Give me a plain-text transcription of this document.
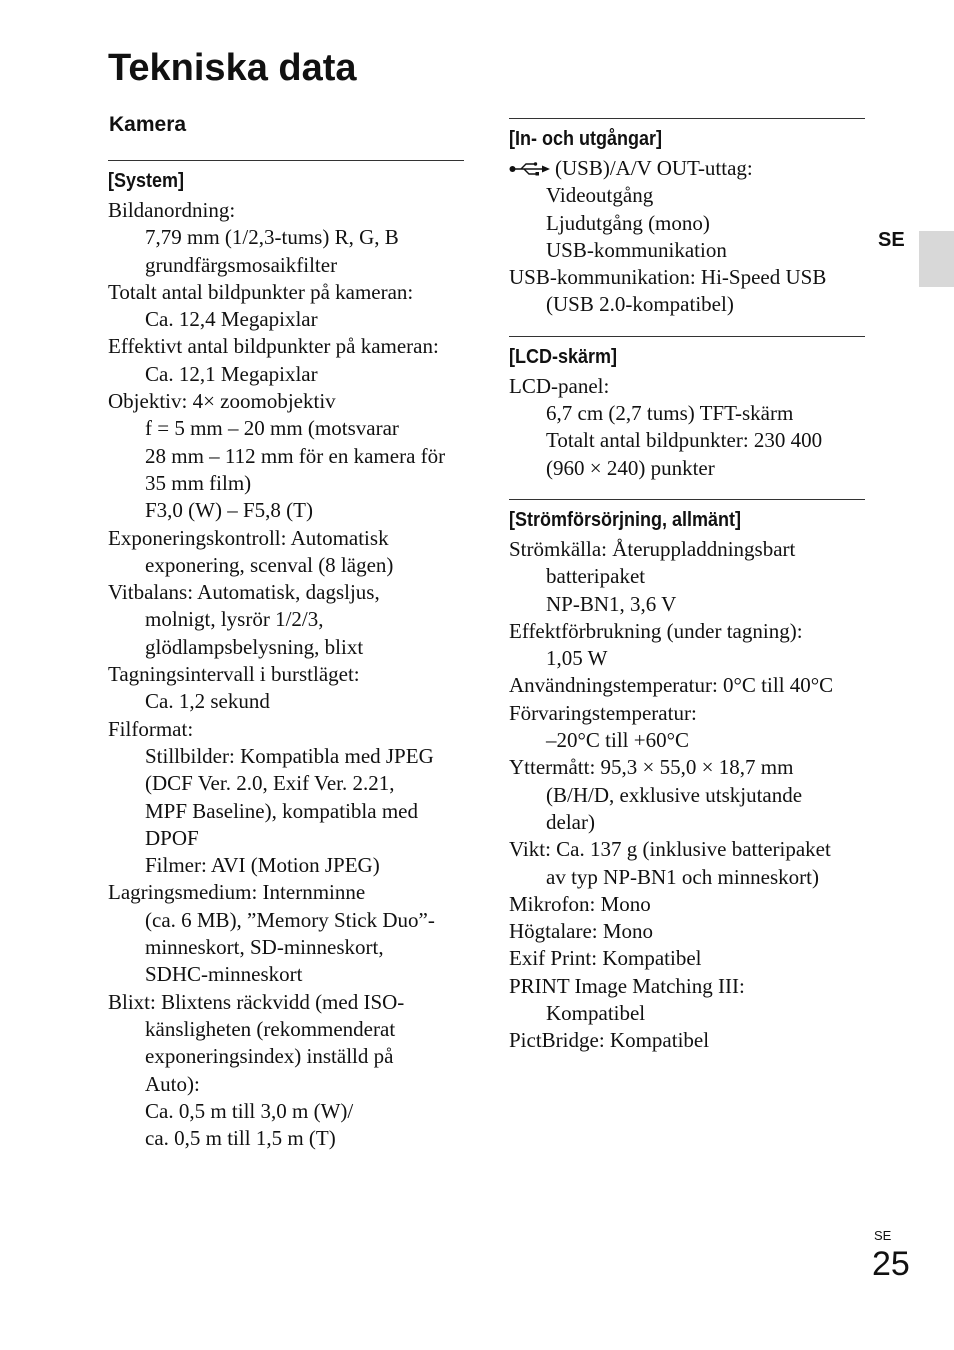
Tekniska data
Kamera
[System]
Bildanordning:
7,79 mm (1/2,3-tums) R, G, B
grundfärgsmosaikfilter
Totalt antal bildpunkter på kameran:
Ca. 12,4 Megapixlar
Effektivt antal bildpunkter på kameran:
Ca. 12,1 Megapixlar
Objektiv: 4× zoomobjektiv
f = 5 mm – 20 mm (motsvarar
28 mm – 112 mm för en kamera för
35 mm film)
F3,0 (W) – F5,8 (T)
Exponeringskontroll: Automatisk
exponering, scenval (8 lägen)
Vitbalans: Automatisk, dagsljus,
molnigt, lysrör 1/2/3,
glödlampsbelysning, blixt
Tagningsintervall i burstläget:
Ca. 1,2 sekund
Filformat:
Stillbilder: Kompatibla med JPEG
(DCF Ver. 2.0, Exif Ver. 2.21,
MPF Baseline), kompatibla med
DPOF
Filmer: AVI (Motion JPEG)
Lagringsmedium: Internminne
(ca. 6 MB), ”Memory Stick Duo”-
minneskort, SD-minneskort,
SDHC-minneskort
Blixt: Blixtens räckvidd (med ISO-
känsligheten (rekommenderat
exponeringsindex) inställd på
Auto):
Ca. 0,5 m till 3,0 m (W)/
ca. 0,5 m till 1,5 m (T)
[In- och utgångar]
(USB)/A/V OUT-uttag:
Videoutgång
Ljudutgång (mono)
USB-kommunikation
USB-kommunikation: Hi-Speed USB
(USB 2.0-kompatibel)
[LCD-skärm]
LCD-panel:
6,7 cm (2,7 tums) TFT-skärm
Totalt antal bildpunkter: 230 400
(960 × 240) punkter
[Strömförsörjning, allmänt]
Strömkälla: Återuppladdningsbart
batteripaket
NP-BN1, 3,6 V
Effektförbrukning (under tagning):
1,05 W
Användningstemperatur: 0°C till 40°C
Förvaringstemperatur:
–20°C till +60°C
Yttermått: 95,3 × 55,0 × 18,7 mm
(B/H/D, exklusive utskjutande
delar)
Vikt: Ca. 137 g (inklusive batteripaket
av typ NP-BN1 och minneskort)
Mikrofon: Mono
Högtalare: Mono
Exif Print: Kompatibel
PRINT Image Matching III:
Kompatibel
PictBridge: Kompatibel
SE
SE
25
